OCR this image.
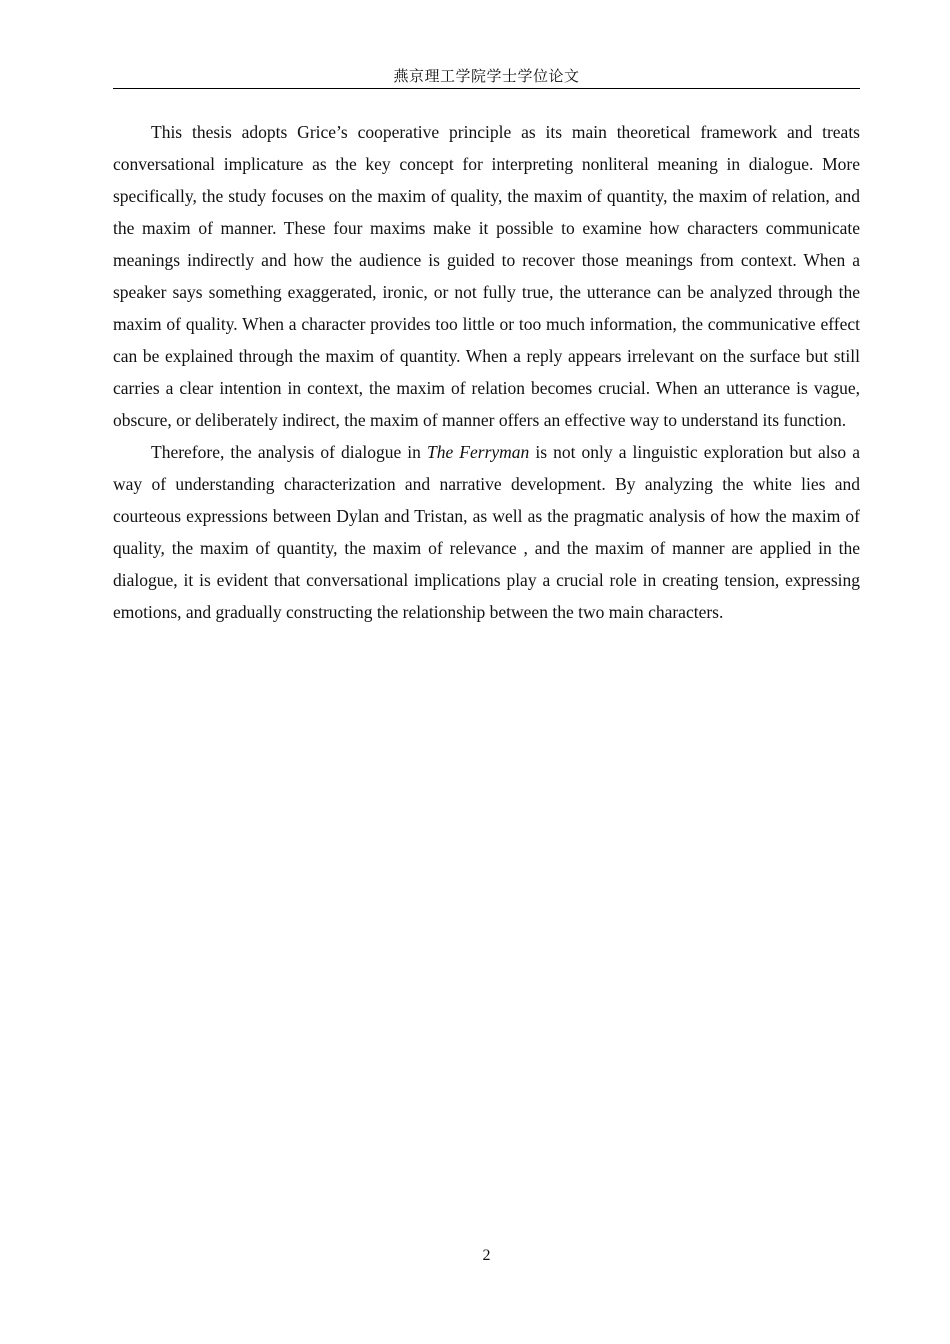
燕京理工学院学士学位论文

This thesis adopts Grice’s cooperative principle as its main theoretical framework and treats conversational implicature as the key concept for interpreting nonliteral meaning in dialogue. More specifically, the study focuses on the maxim of quality, the maxim of quantity, the maxim of relation, and the maxim of manner. These four maxims make it possible to examine how characters communicate meanings indirectly and how the audience is guided to recover those meanings from context. When a speaker says something exaggerated, ironic, or not fully true, the utterance can be analyzed through the maxim of quality. When a character provides too little or too much information, the communicative effect can be explained through the maxim of quantity. When a reply appears irrelevant on the surface but still carries a clear intention in context, the maxim of relation becomes crucial. When an utterance is vague, obscure, or deliberately indirect, the maxim of manner offers an effective way to understand its function.

Therefore, the analysis of dialogue in The Ferryman is not only a linguistic exploration but also a way of understanding characterization and narrative development. By analyzing the white lies and courteous expressions between Dylan and Tristan, as well as the pragmatic analysis of how the maxim of quality, the maxim of quantity, the maxim of relevance , and the maxim of manner are applied in the dialogue, it is evident that conversational implications play a crucial role in creating tension, expressing emotions, and gradually constructing the relationship between the two main characters.

2
